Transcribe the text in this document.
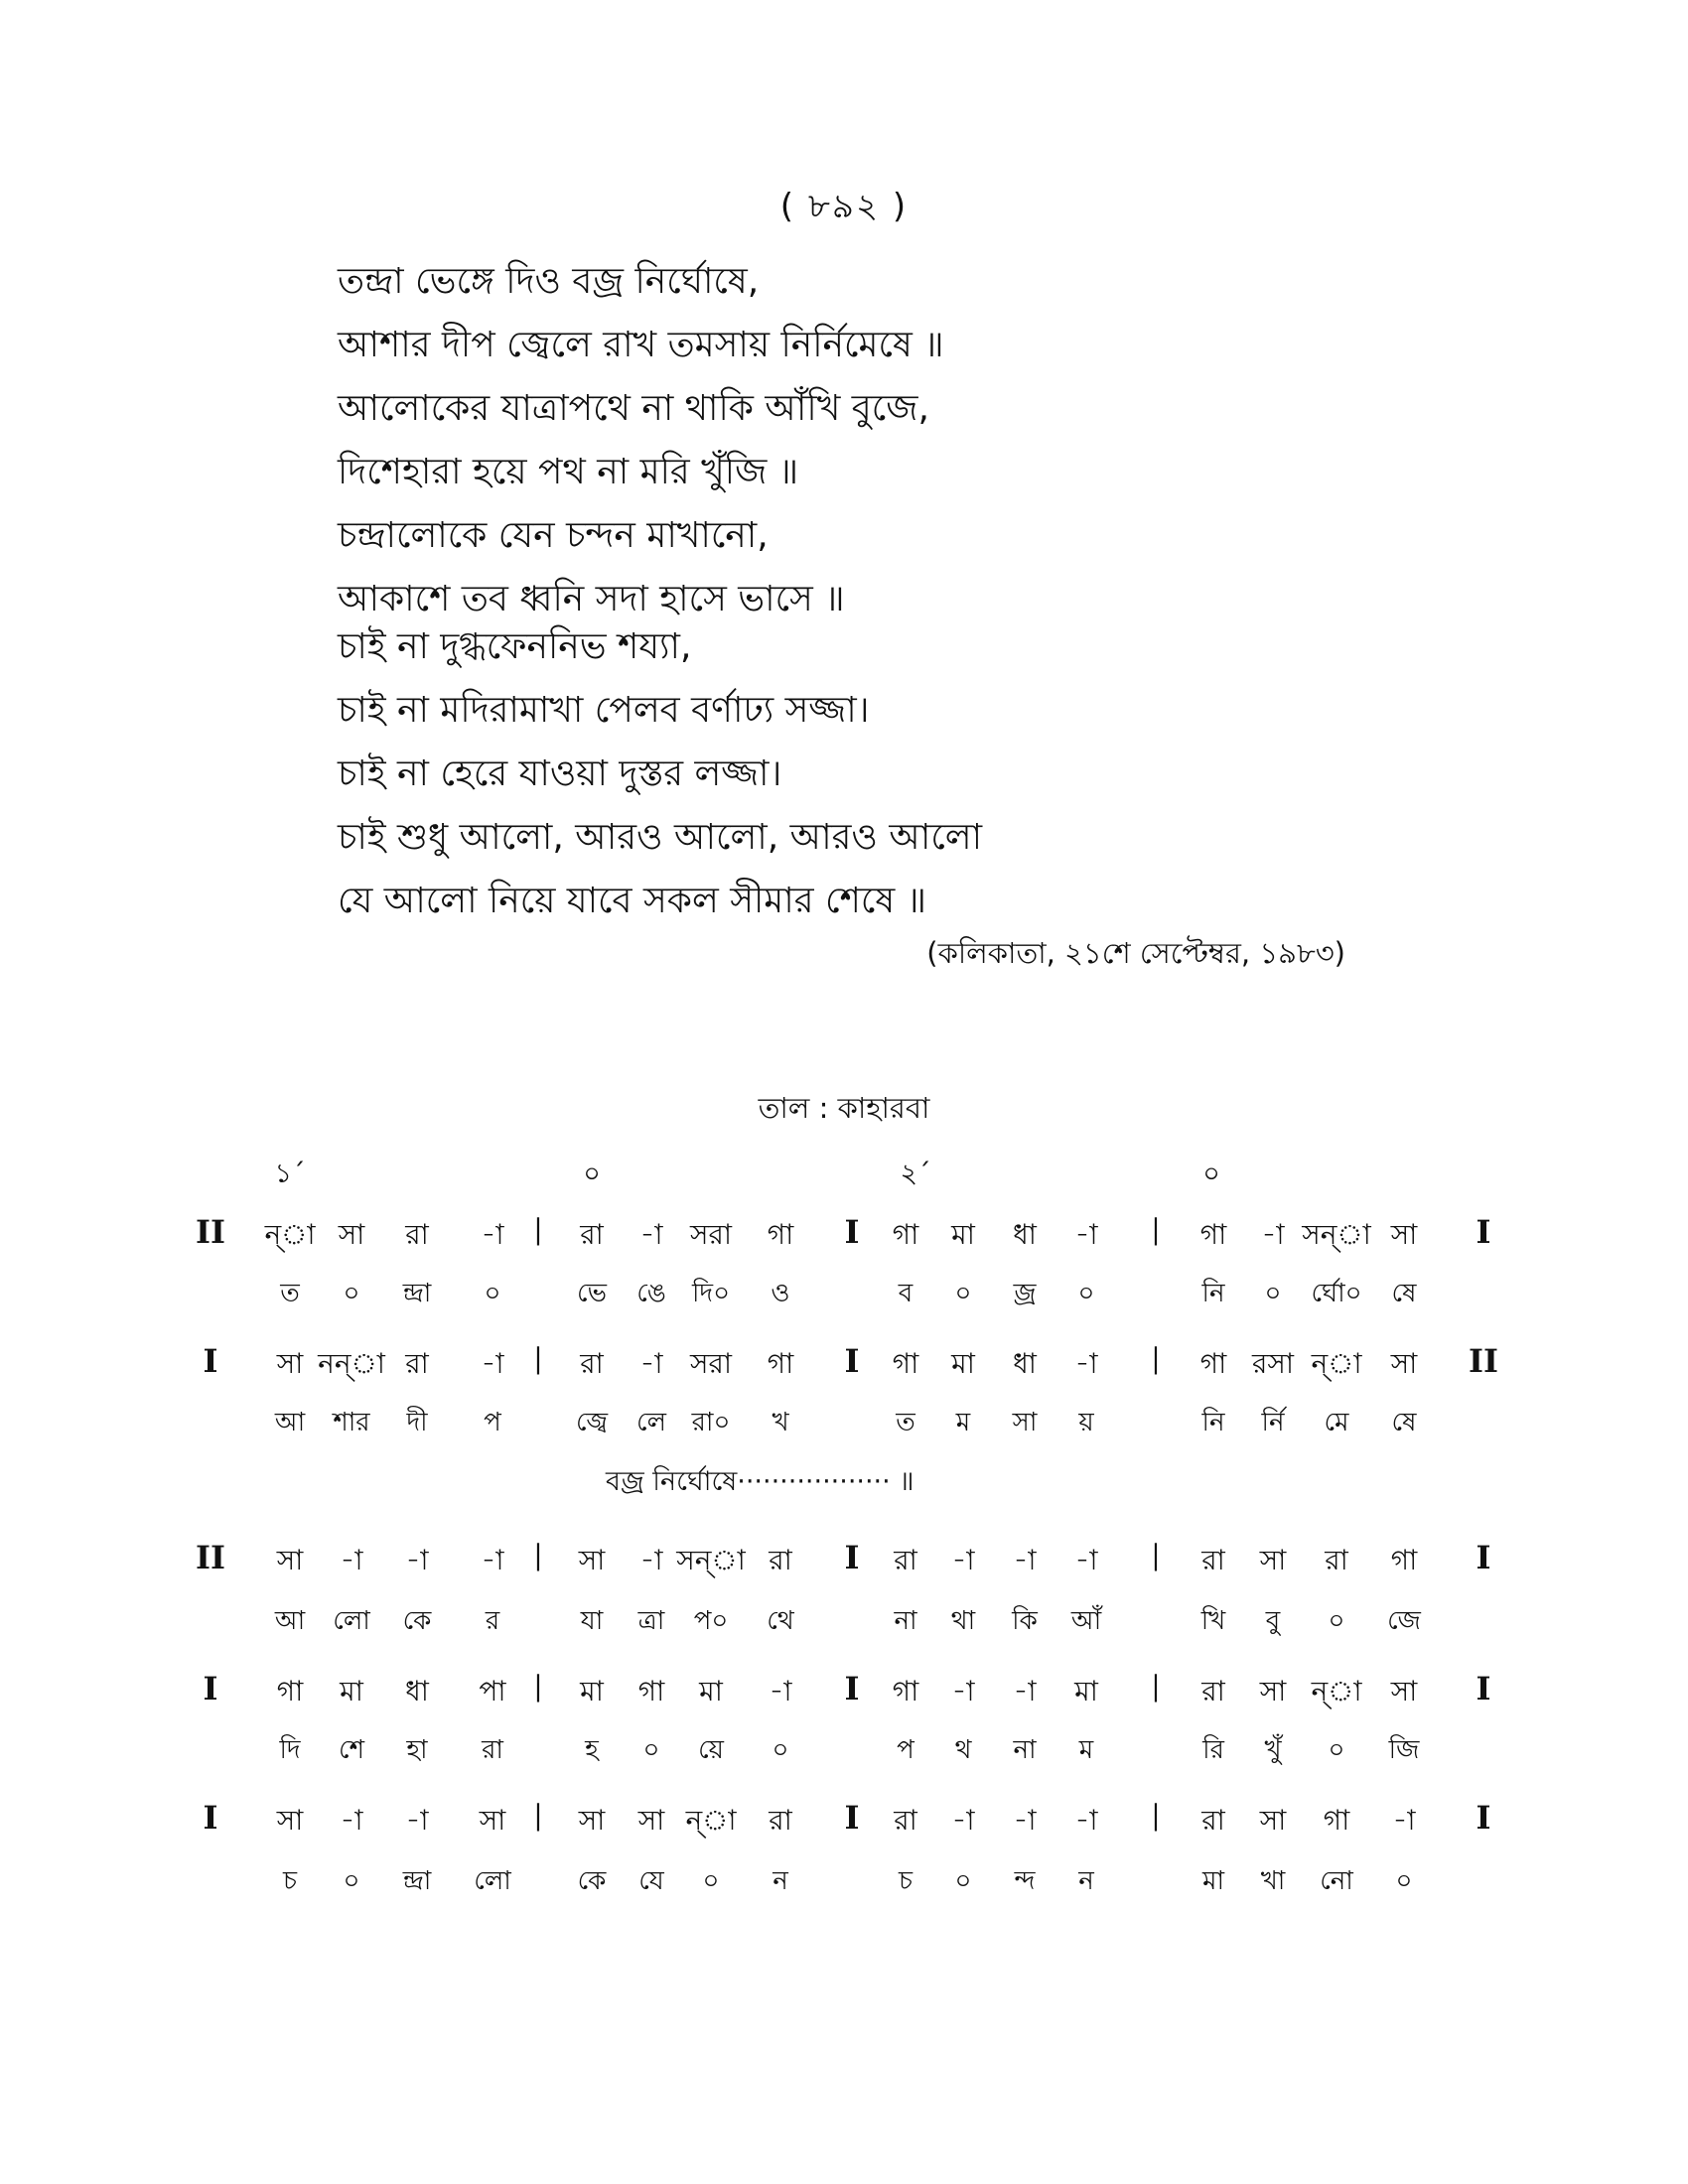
( ৮৯২ )
তন্দ্রা ভেঙ্গে দিও বজ্র নির্ঘোষে,
আশার দীপ জ্বেলে রাখ তমসায় নির্নিমেষে ॥
আলোকের যাত্রাপথে না থাকি আঁখি বুজে,
দিশেহারা হয়ে পথ না মরি খুঁজি ॥
চন্দ্রালোকে যেন চন্দন মাখানো,
আকাশে তব ধ্বনি সদা হাসে ভাসে ॥
চাই না দুগ্ধফেননিভ শয্যা,
চাই না মদিরামাখা পেলব বর্ণাঢ্য সজ্জা।
চাই না হেরে যাওয়া দুস্তর লজ্জা।
চাই শুধু আলো, আরও আলো, আরও আলো
যে আলো নিয়ে যাবে সকল সীমার শেষে ॥
(কলিকাতা, ২১শে সেপ্টেম্বর, ১৯৮৩)
তাল : কাহারবা
১´	০	২´	০
II ন্‌া সা রা -া | রা -া সরা গা I গা মা ধা -া | গা -া সন্‌া সা I
ত ০ ন্দ্রা ০	ভে ঙে দি০ ও	ব ০ জ্র ০	নি ০ র্ঘো০ ষে
I সা নন্‌া রা -া | রা -া সরা গা I গা মা ধা -া | গা রসা ন্‌া সা II
আ শার দী প	জ্বে লে রা০ খ	ত ম সা য়	নি র্নি মে ষে
II সা -া -া -া | সা -া সন্‌া রা I রা -া -া -া | রা সা রা গা I
আ লো কে র	যা ত্রা প০ থে	না থা কি আঁ	খি বু ০ জে
I গা মা ধা পা | মা গা মা -া I গা -া -া মা | রা সা ন্‌া সা I
দি শে হা রা	হ ০ য়ে ০	প থ না ম	রি খুঁ ০ জি
I সা -া -া সা | সা সা ন্‌া রা I রা -া -া -া | রা সা গা -া I
চ ০ ন্দ্রা লো	কে যে ০ ন	চ ০ ন্দ ন	মা খা নো ০
বজ্র নির্ঘোষে·················· ॥
